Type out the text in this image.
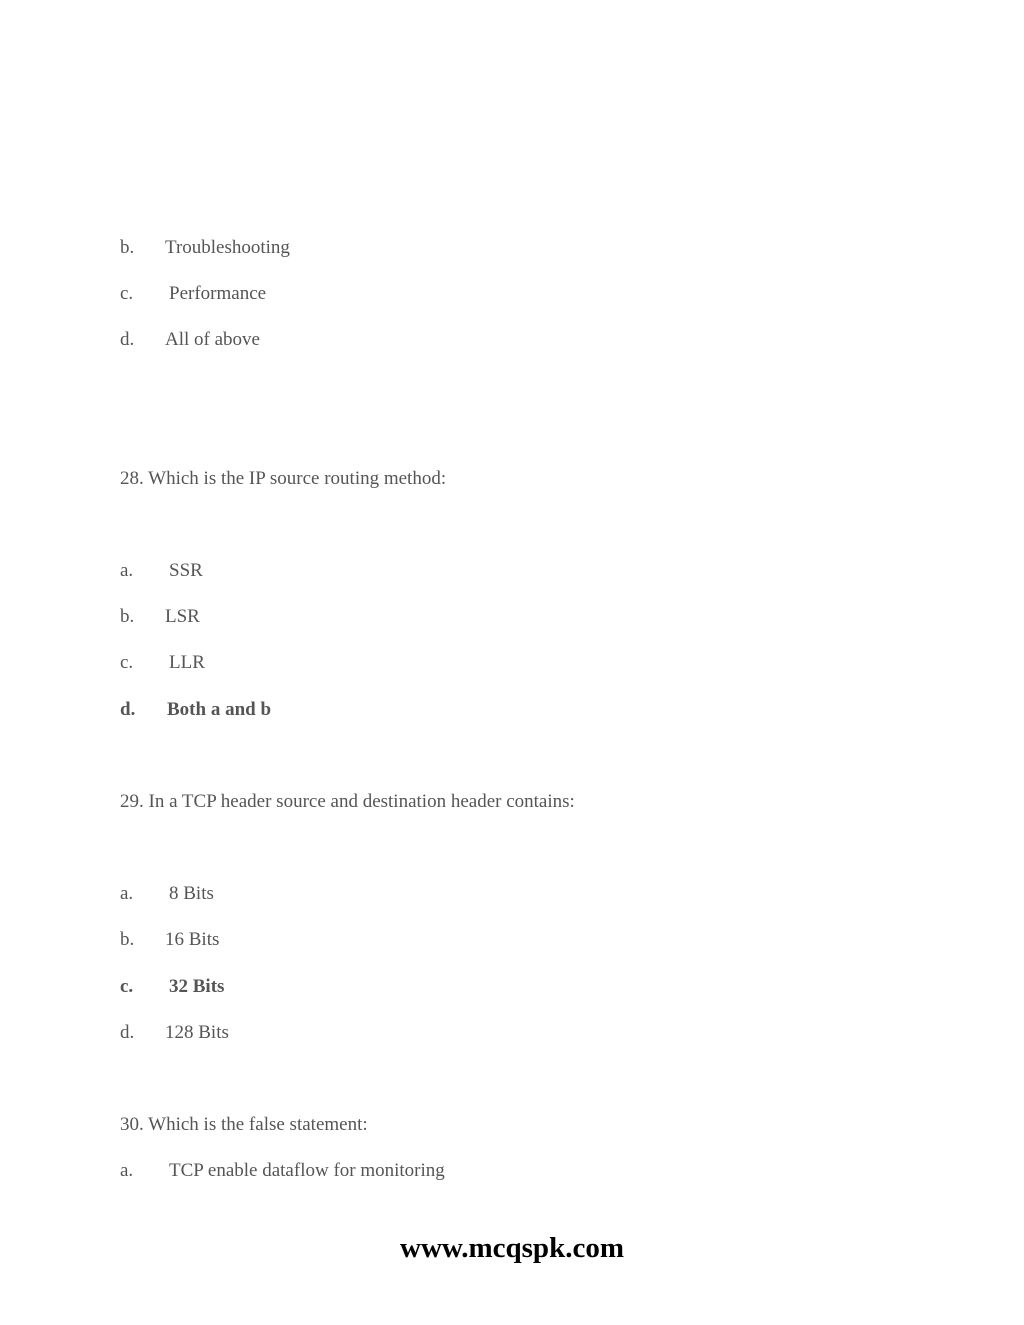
b. Troubleshooting
c. Performance
d. All of above
28. Which is the IP source routing method:
a. SSR
b. LSR
c. LLR
d. Both a and b
29. In a TCP header source and destination header contains:
a. 8 Bits
b. 16 Bits
c. 32 Bits
d. 128 Bits
30. Which is the false statement:
a. TCP enable dataflow for monitoring
www.mcqspk.com
